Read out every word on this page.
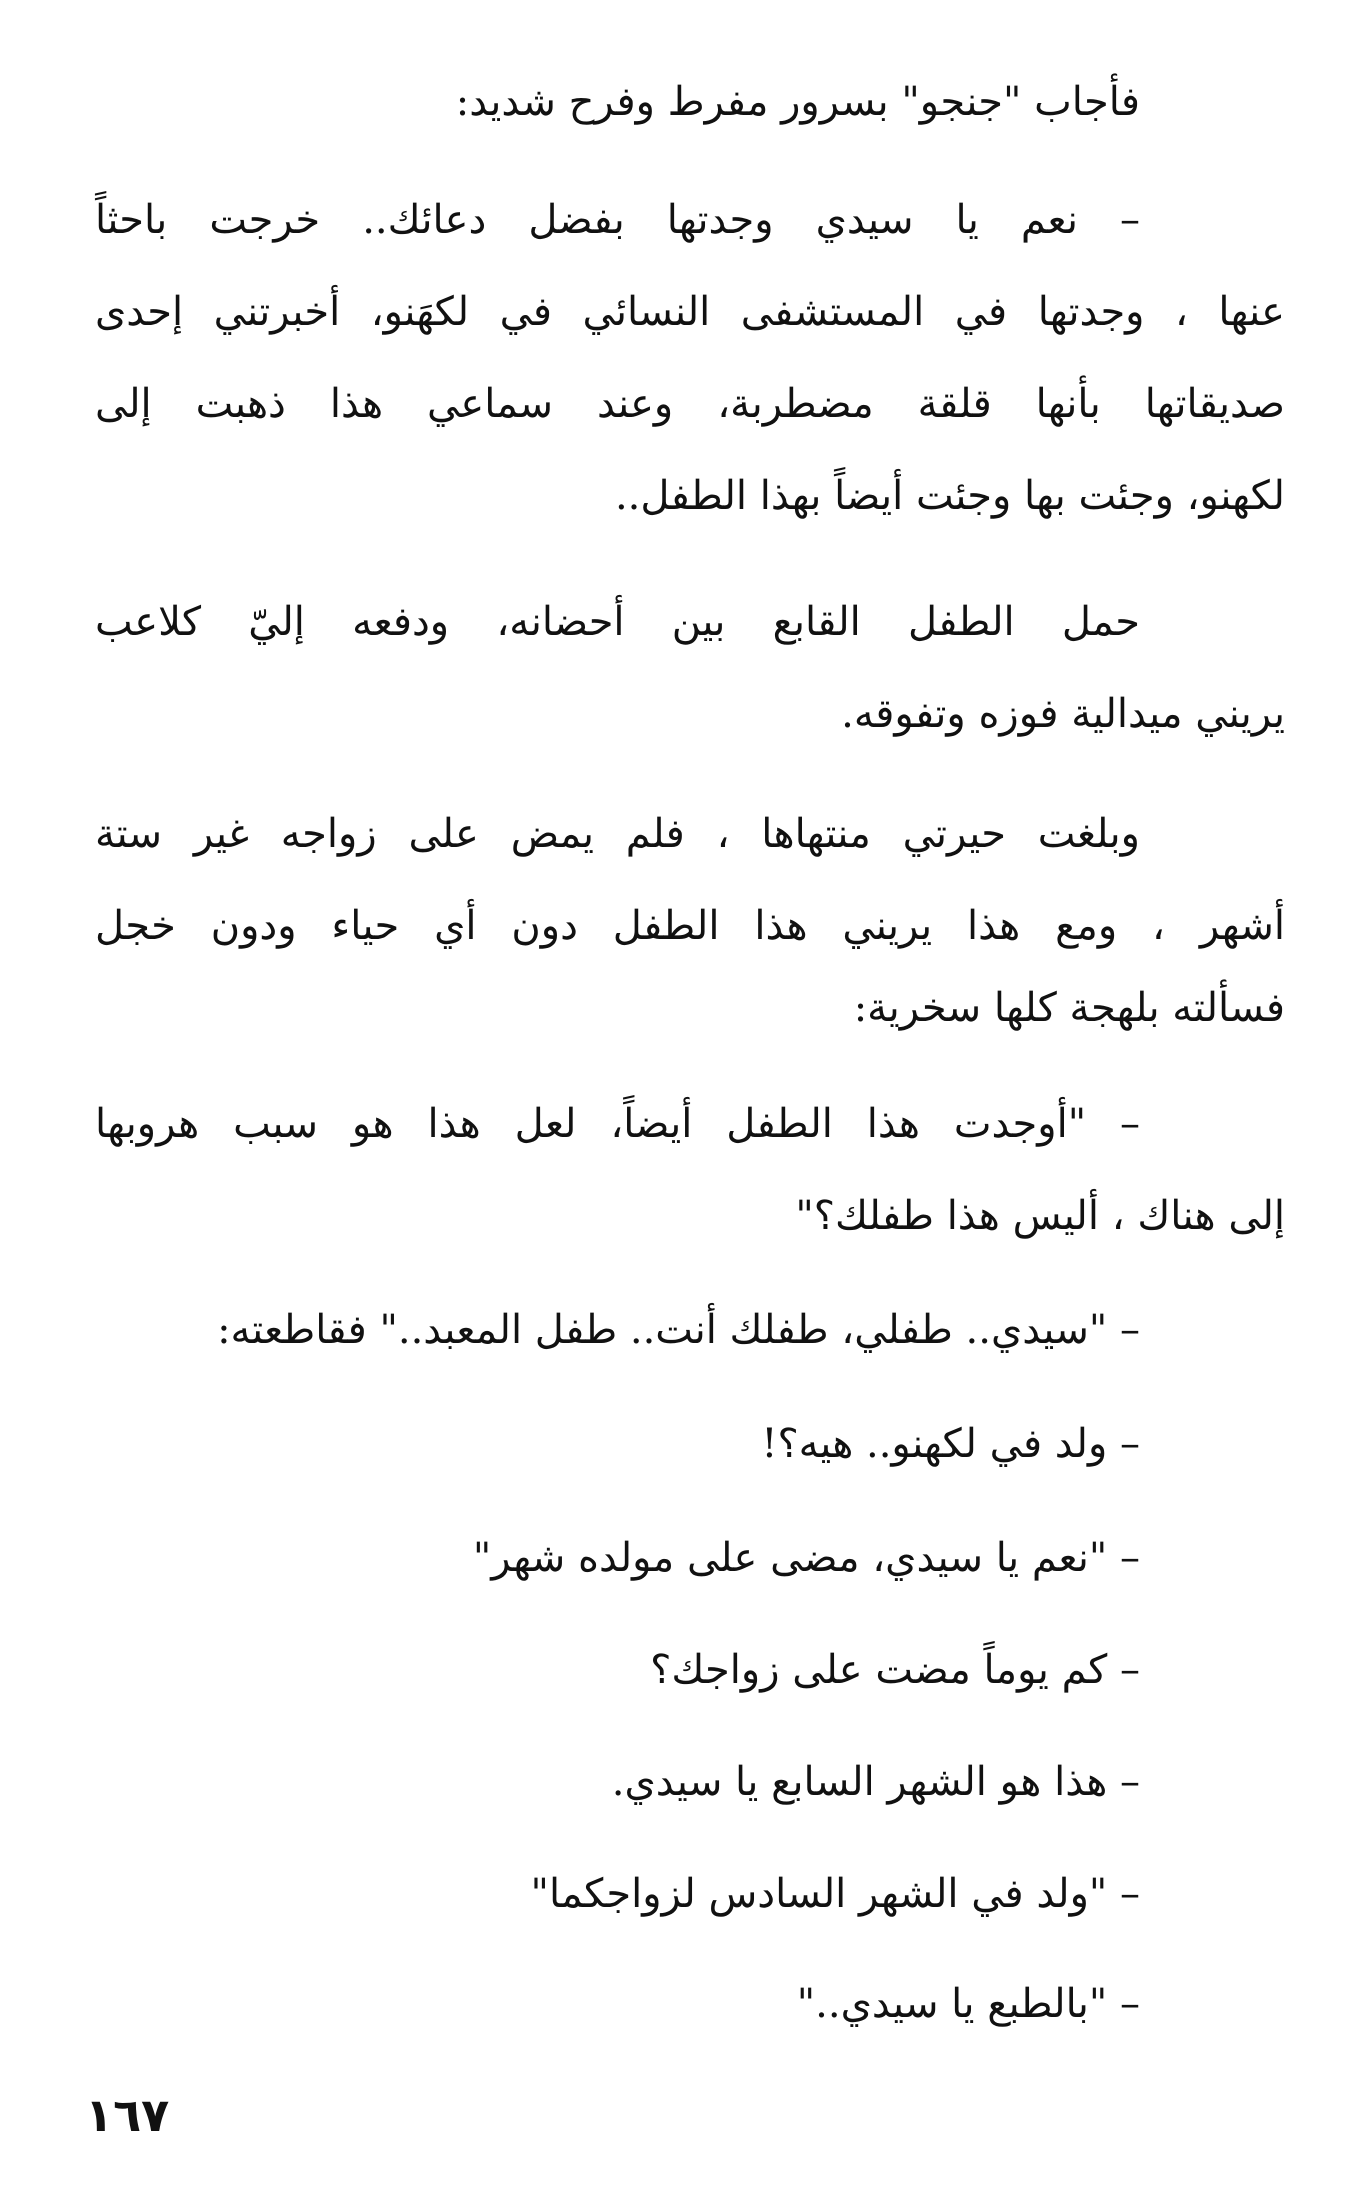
فأجاب "جنجو" بسرور مفرط وفرح شديد:
– نعم يا سيدي وجدتها بفضل دعائك.. خرجت باحثاً
عنها ، وجدتها في المستشفى النسائي في لكهَنو، أخبرتني إحدى
صديقاتها بأنها قلقة مضطربة، وعند سماعي هذا ذهبت إلى
لكهنو، وجئت بها وجئت أيضاً بهذا الطفل..
حمل الطفل القابع بين أحضانه، ودفعه إليّ كلاعب
يريني ميدالية فوزه وتفوقه.
وبلغت حيرتي منتهاها ، فلم يمض على زواجه غير ستة
أشهر ، ومع هذا يريني هذا الطفل دون أي حياء ودون خجل
فسألته بلهجة كلها سخرية:
– "أوجدت هذا الطفل أيضاً، لعل هذا هو سبب هروبها
إلى هناك ، أليس هذا طفلك؟"
– "سيدي.. طفلي، طفلك أنت.. طفل المعبد.." فقاطعته:
– ولد في لكهنو.. هيه؟!
– "نعم يا سيدي، مضى على مولده شهر"
– كم يوماً مضت على زواجك؟
– هذا هو الشهر السابع يا سيدي.
– "ولد في الشهر السادس لزواجكما"
– "بالطبع يا سيدي.."
١٦٧
